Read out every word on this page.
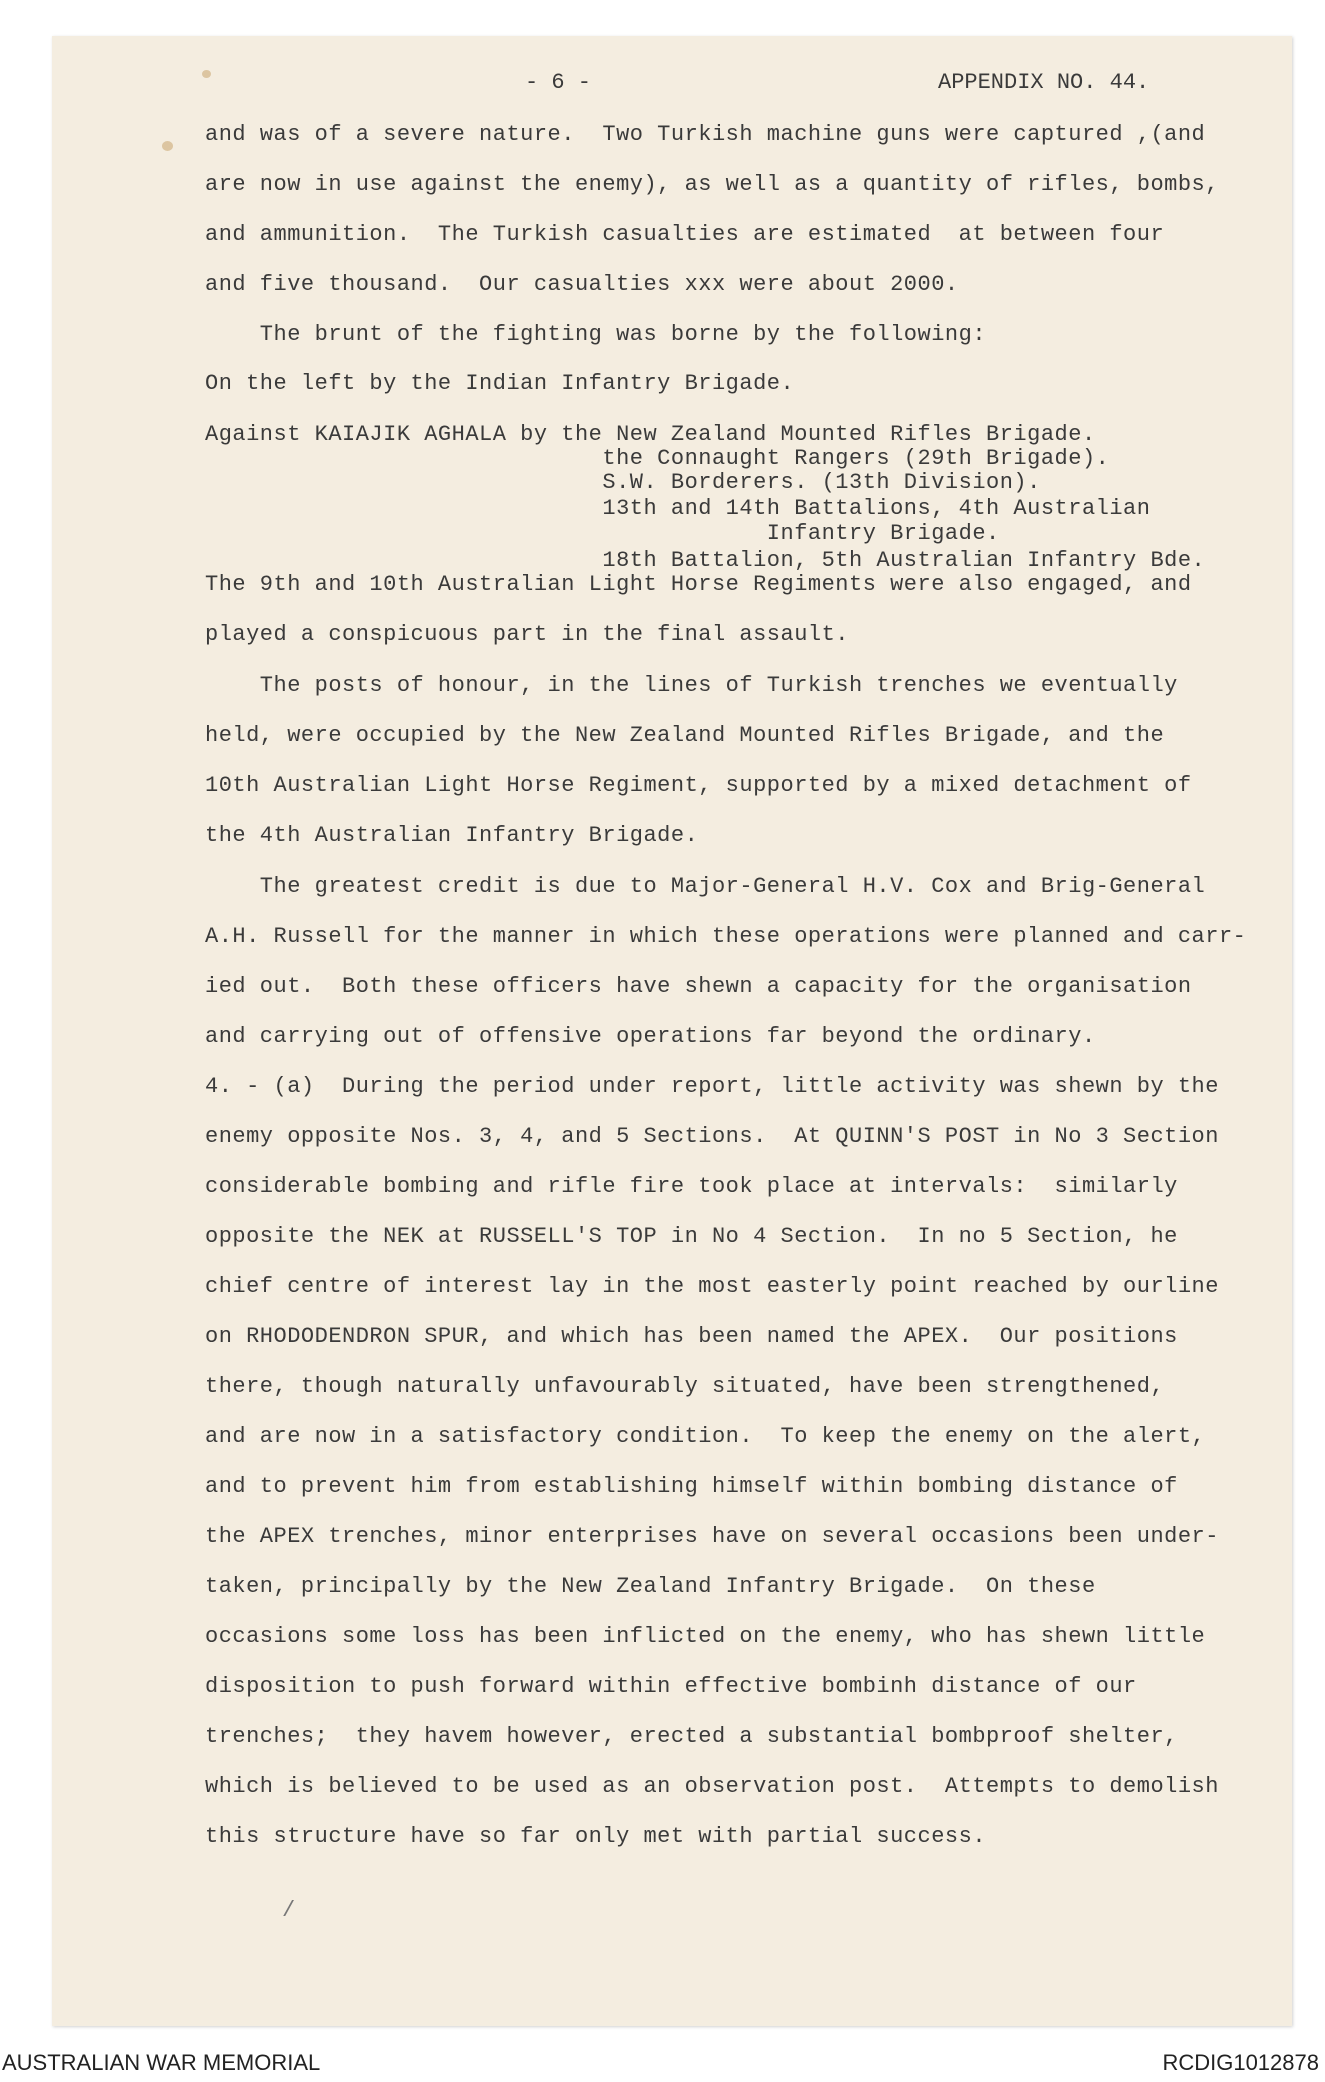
/
- 6 -	APPENDIX NO. 44.
and was of a severe nature.  Two Turkish machine guns were captured ,(and
are now in use against the enemy), as well as a quantity of rifles, bombs,
and ammunition.  The Turkish casualties are estimated  at between four
and five thousand.  Our casualties xxx were about 2000.
The brunt of the fighting was borne by the following:
On the left by the Indian Infantry Brigade.
Against KAIAJIK AGHALA by the New Zealand Mounted Rifles Brigade.
the Connaught Rangers (29th Brigade).
S.W. Borderers. (13th Division).
13th and 14th Battalions, 4th Australian
Infantry Brigade.
18th Battalion, 5th Australian Infantry Bde.
The 9th and 10th Australian Light Horse Regiments were also engaged, and
played a conspicuous part in the final assault.
The posts of honour, in the lines of Turkish trenches we eventually
held, were occupied by the New Zealand Mounted Rifles Brigade, and the
10th Australian Light Horse Regiment, supported by a mixed detachment of
the 4th Australian Infantry Brigade.
The greatest credit is due to Major-General H.V. Cox and Brig-General
A.H. Russell for the manner in which these operations were planned and carr-
ied out.  Both these officers have shewn a capacity for the organisation
and carrying out of offensive operations far beyond the ordinary.
4. - (a)  During the period under report, little activity was shewn by the
enemy opposite Nos. 3, 4, and 5 Sections.  At QUINN'S POST in No 3 Section
considerable bombing and rifle fire took place at intervals:  similarly
opposite the NEK at RUSSELL'S TOP in No 4 Section.  In no 5 Section, he
chief centre of interest lay in the most easterly point reached by ourline
on RHODODENDRON SPUR, and which has been named the APEX.  Our positions
there, though naturally unfavourably situated, have been strengthened,
and are now in a satisfactory condition.  To keep the enemy on the alert,
and to prevent him from establishing himself within bombing distance of
the APEX trenches, minor enterprises have on several occasions been under-
taken, principally by the New Zealand Infantry Brigade.  On these
occasions some loss has been inflicted on the enemy, who has shewn little
disposition to push forward within effective bombinh distance of our
trenches;  they havem however, erected a substantial bombproof shelter,
which is believed to be used as an observation post.  Attempts to demolish
this structure have so far only met with partial success.
AUSTRALIAN WAR MEMORIAL	RCDIG1012878
